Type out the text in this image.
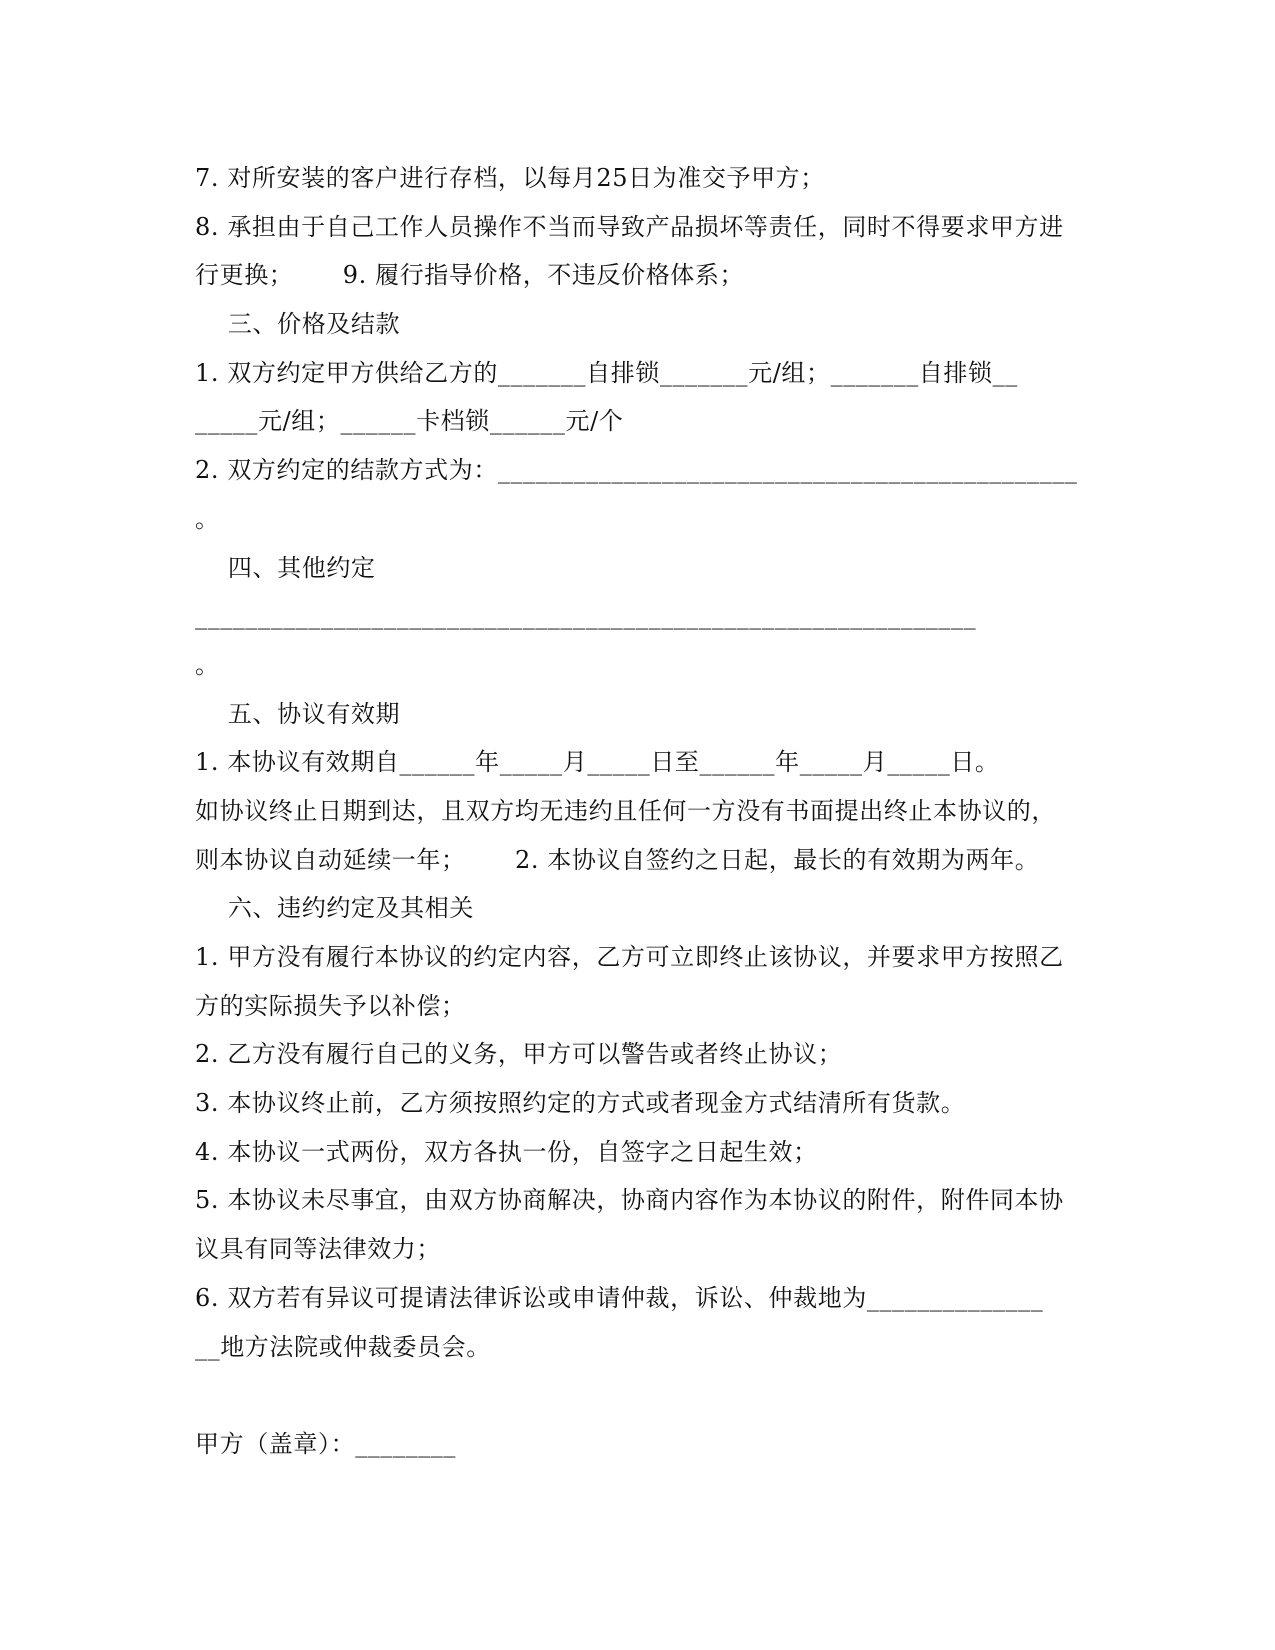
7. 对所安装的客户进行存档，以每月25日为准交予甲方；
8. 承担由于自己工作人员操作不当而导致产品损坏等责任，同时不得要求甲方进
行更换；      9. 履行指导价格，不违反价格体系；
三、价格及结款
1. 双方约定甲方供给乙方的_______自排锁_______元/组；_______自排锁__
_____元/组；______卡档锁______元/个
2. 双方约定的结款方式为：______________________________________________
。
四、其他约定
______________________________________________________________
。
五、协议有效期
1. 本协议有效期自______年_____月_____日至______年_____月_____日。
如协议终止日期到达，且双方均无违约且任何一方没有书面提出终止本协议的，
则本协议自动延续一年；      2. 本协议自签约之日起，最长的有效期为两年。
六、违约约定及其相关
1. 甲方没有履行本协议的约定内容，乙方可立即终止该协议，并要求甲方按照乙
方的实际损失予以补偿；
2. 乙方没有履行自己的义务，甲方可以警告或者终止协议；
3. 本协议终止前，乙方须按照约定的方式或者现金方式结清所有货款。
4. 本协议一式两份，双方各执一份，自签字之日起生效；
5. 本协议未尽事宜，由双方协商解决，协商内容作为本协议的附件，附件同本协
议具有同等法律效力；
6. 双方若有异议可提请法律诉讼或申请仲裁，诉讼、仲裁地为______________
__地方法院或仲裁委员会。
甲方（盖章）：________
